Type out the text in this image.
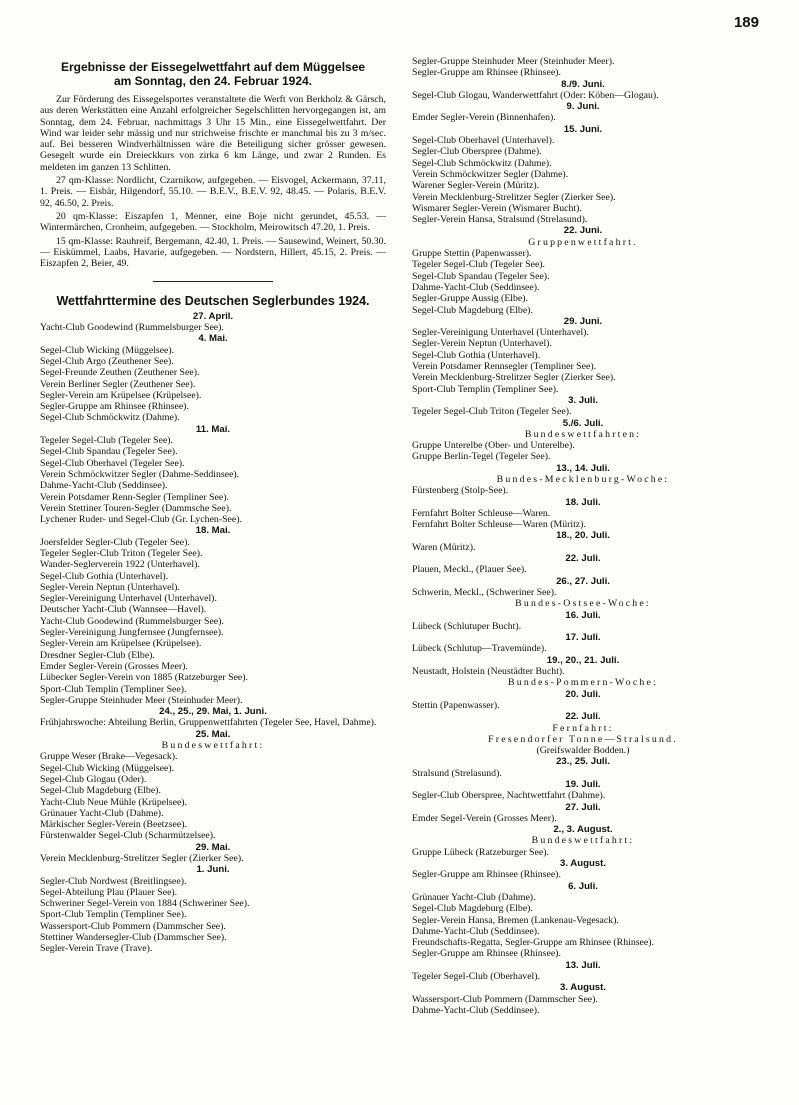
189
Ergebnisse der Eissegelwettfahrt auf dem Müggelsee
am Sonntag, den 24. Februar 1924.
Zur Förderung des Eissegelsportes veranstaltete die Werft von Berkholz & Gärsch, aus deren Werkstätten eine Anzahl erfolgreicher Segelschlitten hervorgegangen ist, am Sonntag, dem 24. Februar, nachmittags 3 Uhr 15 Min., eine Eissegelwettfahrt. Der Wind war leider sehr mässig und nur strichweise frischte er manchmal bis zu 3 m/sec. auf. Bei besseren Windverhältnissen wäre die Beteiligung sicher grösser gewesen. Gesegelt wurde ein Dreieckkurs von zirka 6 km Länge, und zwar 2 Runden. Es meldeten im ganzen 13 Schlitten.
27 qm-Klasse: Nordlicht, Czarnikow, aufgegeben. — Eisvogel, Ackermann, 37.11, 1. Preis. — Eisbär, Hilgendorf, 55.10. — B.E.V., B.E.V. 92, 48.45. — Polaris, B.E.V. 92, 46.50, 2. Preis.
20 qm-Klasse: Eiszapfen 1, Menner, eine Boje nicht gerundet, 45.53. — Wintermärchen, Cronheim, aufgegeben. — Stockholm, Meirowitsch 47.20, 1. Preis.
15 qm-Klasse: Rauhreif, Bergemann, 42.40, 1. Preis. — Sausewind, Weinert, 50.30. — Eiskümmel, Laabs, Havarie, aufgegeben. — Nordstern, Hillert, 45.15, 2. Preis. — Eiszapfen 2, Beier, 49.
Wettfahrttermine des Deutschen Seglerbundes 1924.
27. April.
Yacht-Club Goodewind (Rummelsburger See).
4. Mai.
Segel-Club Wicking (Müggelsee).
Segel-Club Argo (Zeuthener See).
Segel-Freunde Zeuthen (Zeuthener See).
Verein Berliner Segler (Zeuthener See).
Segler-Verein am Krüpelsee (Krüpelsee).
Segler-Gruppe am Rhinsee (Rhinsee).
Segel-Club Schmöckwitz (Dahme).
11. Mai.
Tegeler Segel-Club (Tegeler See).
Segel-Club Spandau (Tegeler See).
Segel-Club Oberhavel (Tegeler See).
Verein Schmöckwitzer Segler (Dahme-Seddinsee).
Dahme-Yacht-Club (Seddinsee).
Verein Potsdamer Renn-Segler (Templiner See).
Verein Stettiner Touren-Segler (Dammsche See).
Lychener Ruder- und Segel-Club (Gr. Lychen-See).
18. Mai.
Joersfelder Segler-Club (Tegeler See).
Tegeler Segler-Club Triton (Tegeler See).
Wander-Seglerverein 1922 (Unterhavel).
Segel-Club Gothia (Unterhavel).
Segler-Verein Neptun (Unterhavel).
Segler-Vereinigung Unterhavel (Unterhavel).
Deutscher Yacht-Club (Wannsee—Havel).
Yacht-Club Goodewind (Rummelsburger See).
Segler-Vereinigung Jungfernsee (Jungfernsee).
Segler-Verein am Krüpelsee (Krüpelsee).
Dresdner Segler-Club (Elbe).
Emder Segler-Verein (Grosses Meer).
Lübecker Segler-Verein von 1885 (Ratzeburger See).
Sport-Club Templin (Templiner See).
Segler-Gruppe Steinhuder Meer (Steinhuder Meer).
24., 25., 29. Mai, 1. Juni.
Frühjahrswoche: Abteilung Berlin, Gruppenwettfahrten (Tegeler See, Havel, Dahme).
25. Mai.
Bundeswettfahrt:
Gruppe Weser (Brake—Vegesack).
Segel-Club Wicking (Müggelsee).
Segel-Club Glogau (Oder).
Segel-Club Magdeburg (Elbe).
Yacht-Club Neue Mühle (Krüpelsee).
Grünauer Yacht-Club (Dahme).
Märkischer Segler-Verein (Beetzsee).
Fürstenwalder Segel-Club (Scharmützelsee).
29. Mai.
Verein Mecklenburg-Strelitzer Segler (Zierker See).
1. Juni.
Segler-Club Nordwest (Breitlingsee).
Segel-Abteilung Plau (Plauer See).
Schweriner Segel-Verein von 1884 (Schweriner See).
Sport-Club Templin (Templiner See).
Wassersport-Club Pommern (Dammscher See).
Stettiner Wandersegler-Club (Dammscher See).
Segler-Verein Trave (Trave).
Segler-Gruppe Steinhuder Meer (Steinhuder Meer).
Segler-Gruppe am Rhinsee (Rhinsee).
8./9. Juni.
Segel-Club Glogau, Wanderwettfahrt (Oder: Köben—Glogau).
9. Juni.
Emder Segler-Verein (Binnenhafen).
15. Juni.
Segel-Club Oberhavel (Unterhavel).
Segler-Club Oberspree (Dahme).
Segel-Club Schmöckwitz (Dahme).
Verein Schmöckwitzer Segler (Dahme).
Warener Segler-Verein (Müritz).
Verein Mecklenburg-Strelitzer Segler (Zierker See).
Wismarer Segler-Verein (Wismarer Bucht).
Segler-Verein Hansa, Stralsund (Strelasund).
22. Juni.
Gruppenwettfahrt.
Gruppe Stettin (Papenwasser).
Tegeler Segel-Club (Tegeler See).
Segel-Club Spandau (Tegeler See).
Dahme-Yacht-Club (Seddinsee).
Segler-Gruppe Aussig (Elbe).
Segel-Club Magdeburg (Elbe).
29. Juni.
Segler-Vereinigung Unterhavel (Unterhavel).
Segler-Verein Neptun (Unterhavel).
Segel-Club Gothia (Unterhavel).
Verein Potsdamer Rennsegler (Templiner See).
Verein Mecklenburg-Strelitzer Segler (Zierker See).
Sport-Club Templin (Templiner See).
3. Juli.
Tegeler Segel-Club Triton (Tegeler See).
5./6. Juli.
Bundeswettfahrten:
Gruppe Unterelbe (Ober- und Unterelbe).
Gruppe Berlin-Tegel (Tegeler See).
13., 14. Juli.
Bundes-Mecklenburg-Woche:
Fürstenberg (Stolp-See).
18. Juli.
Fernfahrt Bolter Schleuse—Waren.
Fernfahrt Bolter Schleuse—Waren (Müritz).
18., 20. Juli.
Waren (Müritz).
22. Juli.
Plauen, Meckl., (Plauer See).
26., 27. Juli.
Schwerin, Meckl., (Schweriner See).
Bundes-Ostsee-Woche:
16. Juli.
Lübeck (Schlutuper Bucht).
17. Juli.
Lübeck (Schlutup—Travemünde).
19., 20., 21. Juli.
Neustadt, Holstein (Neustädter Bucht).
Bundes-Pommern-Woche:
20. Juli.
Stettin (Papenwasser).
22. Juli.
Fernfahrt:
Fresendorfer Tonne—Stralsund.
(Greifswalder Bodden.)
23., 25. Juli.
Stralsund (Strelasund).
19. Juli.
Segler-Club Oberspree, Nachtwettfahrt (Dahme).
27. Juli.
Emder Segel-Verein (Grosses Meer).
2., 3. August.
Bundeswettfahrt:
Gruppe Lübeck (Ratzeburger See).
3. August.
Segler-Gruppe am Rhinsee (Rhinsee).
6. Juli.
Grünauer Yacht-Club (Dahme).
Segel-Club Magdeburg (Elbe).
Segler-Verein Hansa, Bremen (Lankenau-Vegesack).
Dahme-Yacht-Club (Seddinsee).
Freundschafts-Regatta, Segler-Gruppe am Rhinsee (Rhinsee).
Segler-Gruppe am Rhinsee (Rhinsee).
13. Juli.
Tegeler Segel-Club (Oberhavel).
3. August.
Wassersport-Club Pommern (Dammscher See).
Dahme-Yacht-Club (Seddinsee).
